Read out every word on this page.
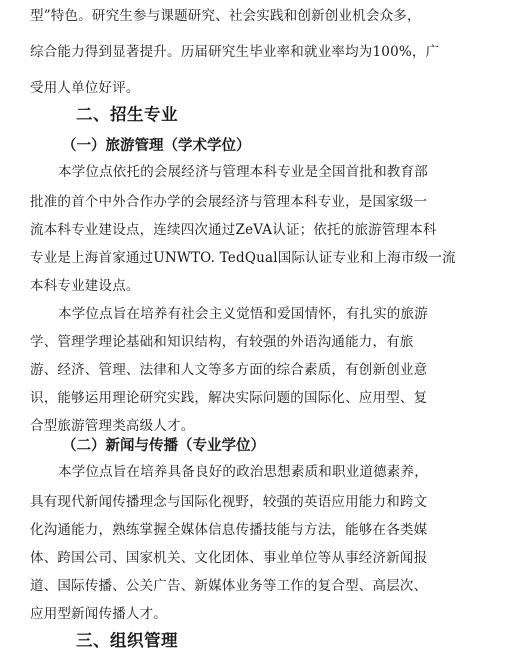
型”特色。研究生参与课题研究、社会实践和创新创业机会众多，
综合能力得到显著提升。历届研究生毕业率和就业率均为100%，广
受用人单位好评。
二、招生专业
（一）旅游管理（学术学位）
本学位点依托的会展经济与管理本科专业是全国首批和教育部
批准的首个中外合作办学的会展经济与管理本科专业，是国家级一
流本科专业建设点，连续四次通过ZeVA认证；依托的旅游管理本科
专业是上海首家通过UNWTO. TedQual国际认证专业和上海市级一流
本科专业建设点。
本学位点旨在培养有社会主义觉悟和爱国情怀，有扎实的旅游
学、管理学理论基础和知识结构，有较强的外语沟通能力，有旅
游、经济、管理、法律和人文等多方面的综合素质，有创新创业意
识，能够运用理论研究实践，解决实际问题的国际化、应用型、复
合型旅游管理类高级人才。
（二）新闻与传播（专业学位）
本学位点旨在培养具备良好的政治思想素质和职业道德素养，
具有现代新闻传播理念与国际化视野，较强的英语应用能力和跨文
化沟通能力，熟练掌握全媒体信息传播技能与方法，能够在各类媒
体、跨国公司、国家机关、文化团体、事业单位等从事经济新闻报
道、国际传播、公关广告、新媒体业务等工作的复合型、高层次、
应用型新闻传播人才。
三、组织管理
